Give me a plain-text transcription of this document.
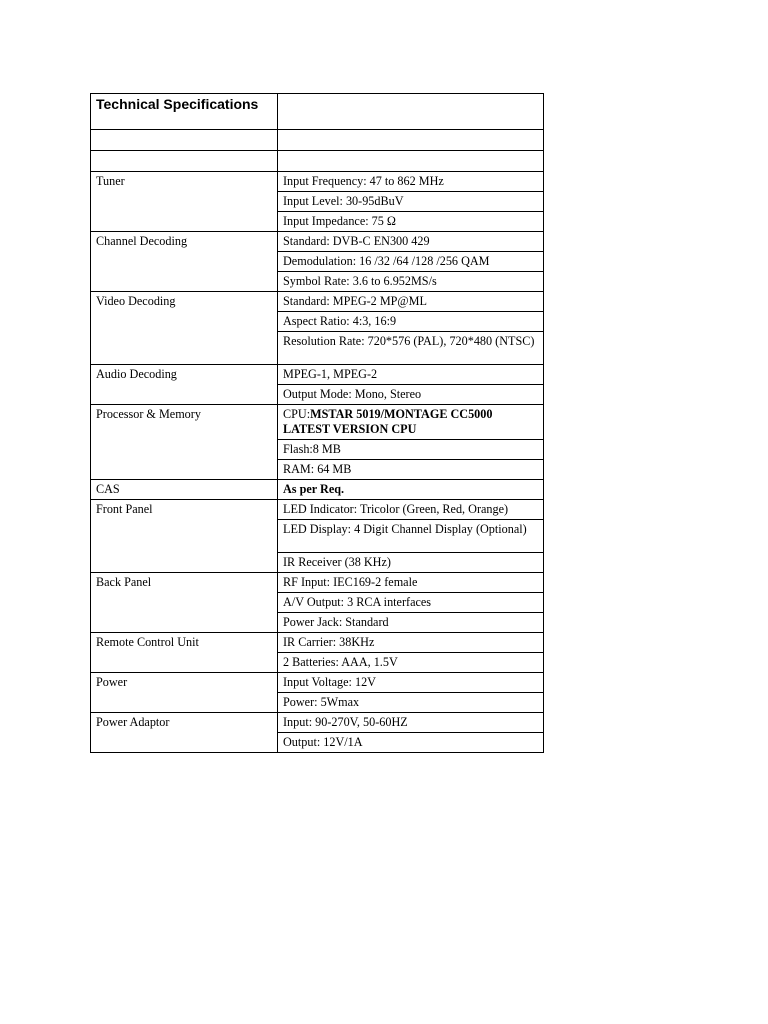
Technical Specifications	

Tuner	Input Frequency: 47 to 862 MHz
	Input Level: 30-95dBuV
	Input Impedance: 75 Ω
Channel Decoding	Standard: DVB-C EN300 429
	Demodulation: 16 /32 /64 /128 /256 QAM
	Symbol Rate: 3.6 to 6.952MS/s
Video Decoding	Standard: MPEG-2 MP@ML
	Aspect Ratio: 4:3, 16:9
	Resolution Rate: 720*576 (PAL), 720*480 (NTSC)
Audio Decoding	MPEG-1, MPEG-2
	Output Mode: Mono, Stereo
Processor & Memory	CPU:MSTAR 5019/MONTAGE CC5000 LATEST VERSION CPU
	Flash:8 MB
	RAM: 64 MB
CAS	As per Req.
Front Panel	LED Indicator: Tricolor (Green, Red, Orange)
	LED Display: 4 Digit Channel Display (Optional)
	IR Receiver (38 KHz)
Back Panel	RF Input: IEC169-2 female
	A/V Output: 3 RCA interfaces
	Power Jack: Standard
Remote Control Unit	IR Carrier: 38KHz
	2 Batteries: AAA, 1.5V
Power	Input Voltage: 12V
	Power: 5Wmax
Power Adaptor	Input: 90-270V, 50-60HZ
	Output: 12V/1A
